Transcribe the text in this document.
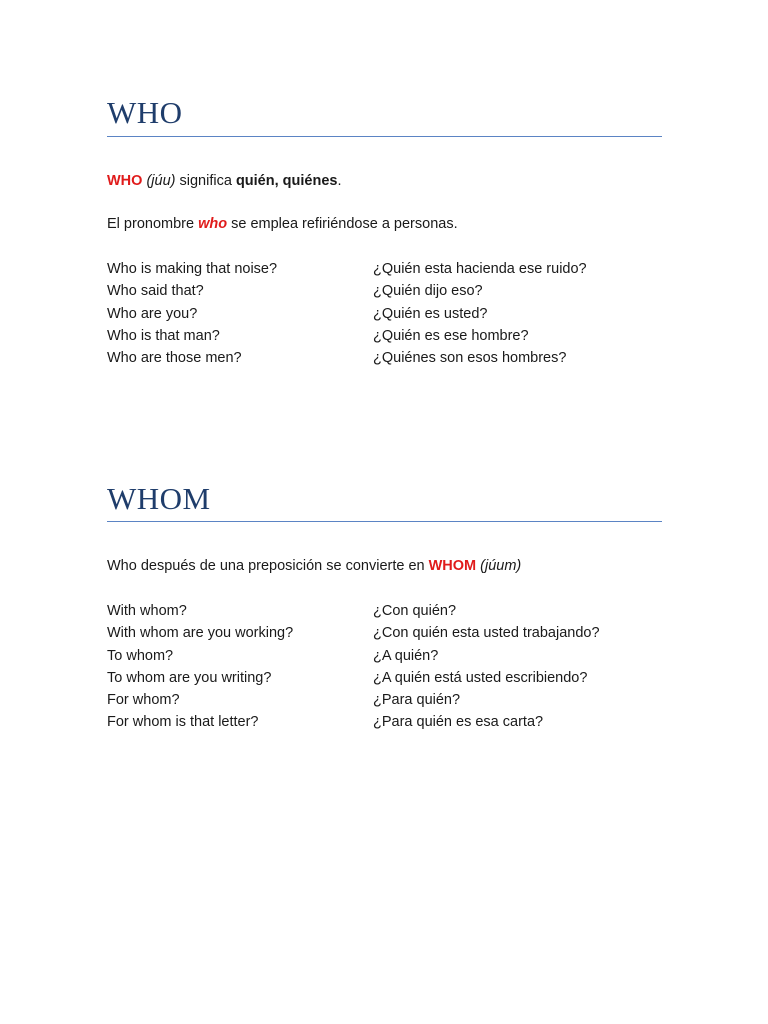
WHO
WHO (júu) significa quién, quiénes.
El pronombre who se emplea refiriéndose a personas.
Who is making that noise?	¿Quién esta hacienda ese ruido?
Who said that?	¿Quién dijo eso?
Who are you?	¿Quién es usted?
Who is that man?	¿Quién es ese hombre?
Who are those men?	¿Quiénes son esos hombres?
WHOM
Who después de una preposición se convierte en WHOM (júum)
With whom?	¿Con quién?
With whom are you working?	¿Con quién esta usted trabajando?
To whom?	¿A quién?
To whom are you writing?	¿A quién está usted escribiendo?
For whom?	¿Para quién?
For whom is that letter?	¿Para quién es esa carta?
